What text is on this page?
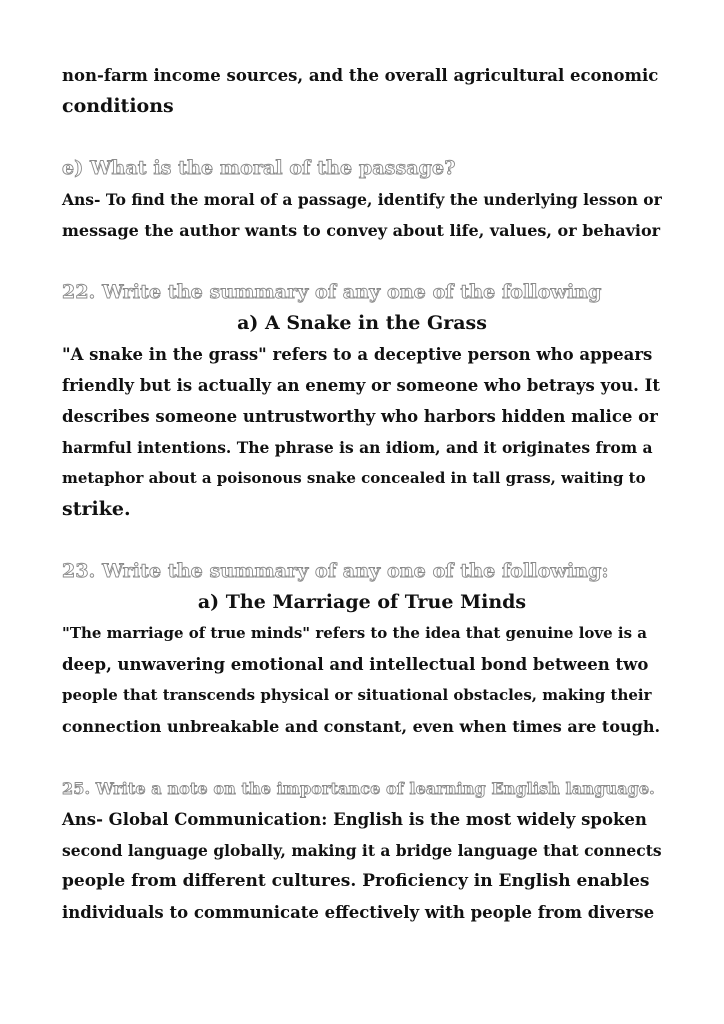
non-farm income sources, and the overall agricultural economic

conditions

e) What is the moral of the passage?

Ans- To find the moral of a passage, identify the underlying lesson or

message the author wants to convey about life, values, or behavior

22. Write the summary of any one of the following

a) A Snake in the Grass

"A snake in the grass" refers to a deceptive person who appears

friendly but is actually an enemy or someone who betrays you. It

describes someone untrustworthy who harbors hidden malice or

harmful intentions. The phrase is an idiom, and it originates from a

metaphor about a poisonous snake concealed in tall grass, waiting to

strike.

23. Write the summary of any one of the following:

a) The Marriage of True Minds

"The marriage of true minds" refers to the idea that genuine love is a

deep, unwavering emotional and intellectual bond between two

people that transcends physical or situational obstacles, making their

connection unbreakable and constant, even when times are tough.

25. Write a note on the importance of learning English language.

Ans- Global Communication: English is the most widely spoken

second language globally, making it a bridge language that connects

people from different cultures. Proficiency in English enables

individuals to communicate effectively with people from diverse
